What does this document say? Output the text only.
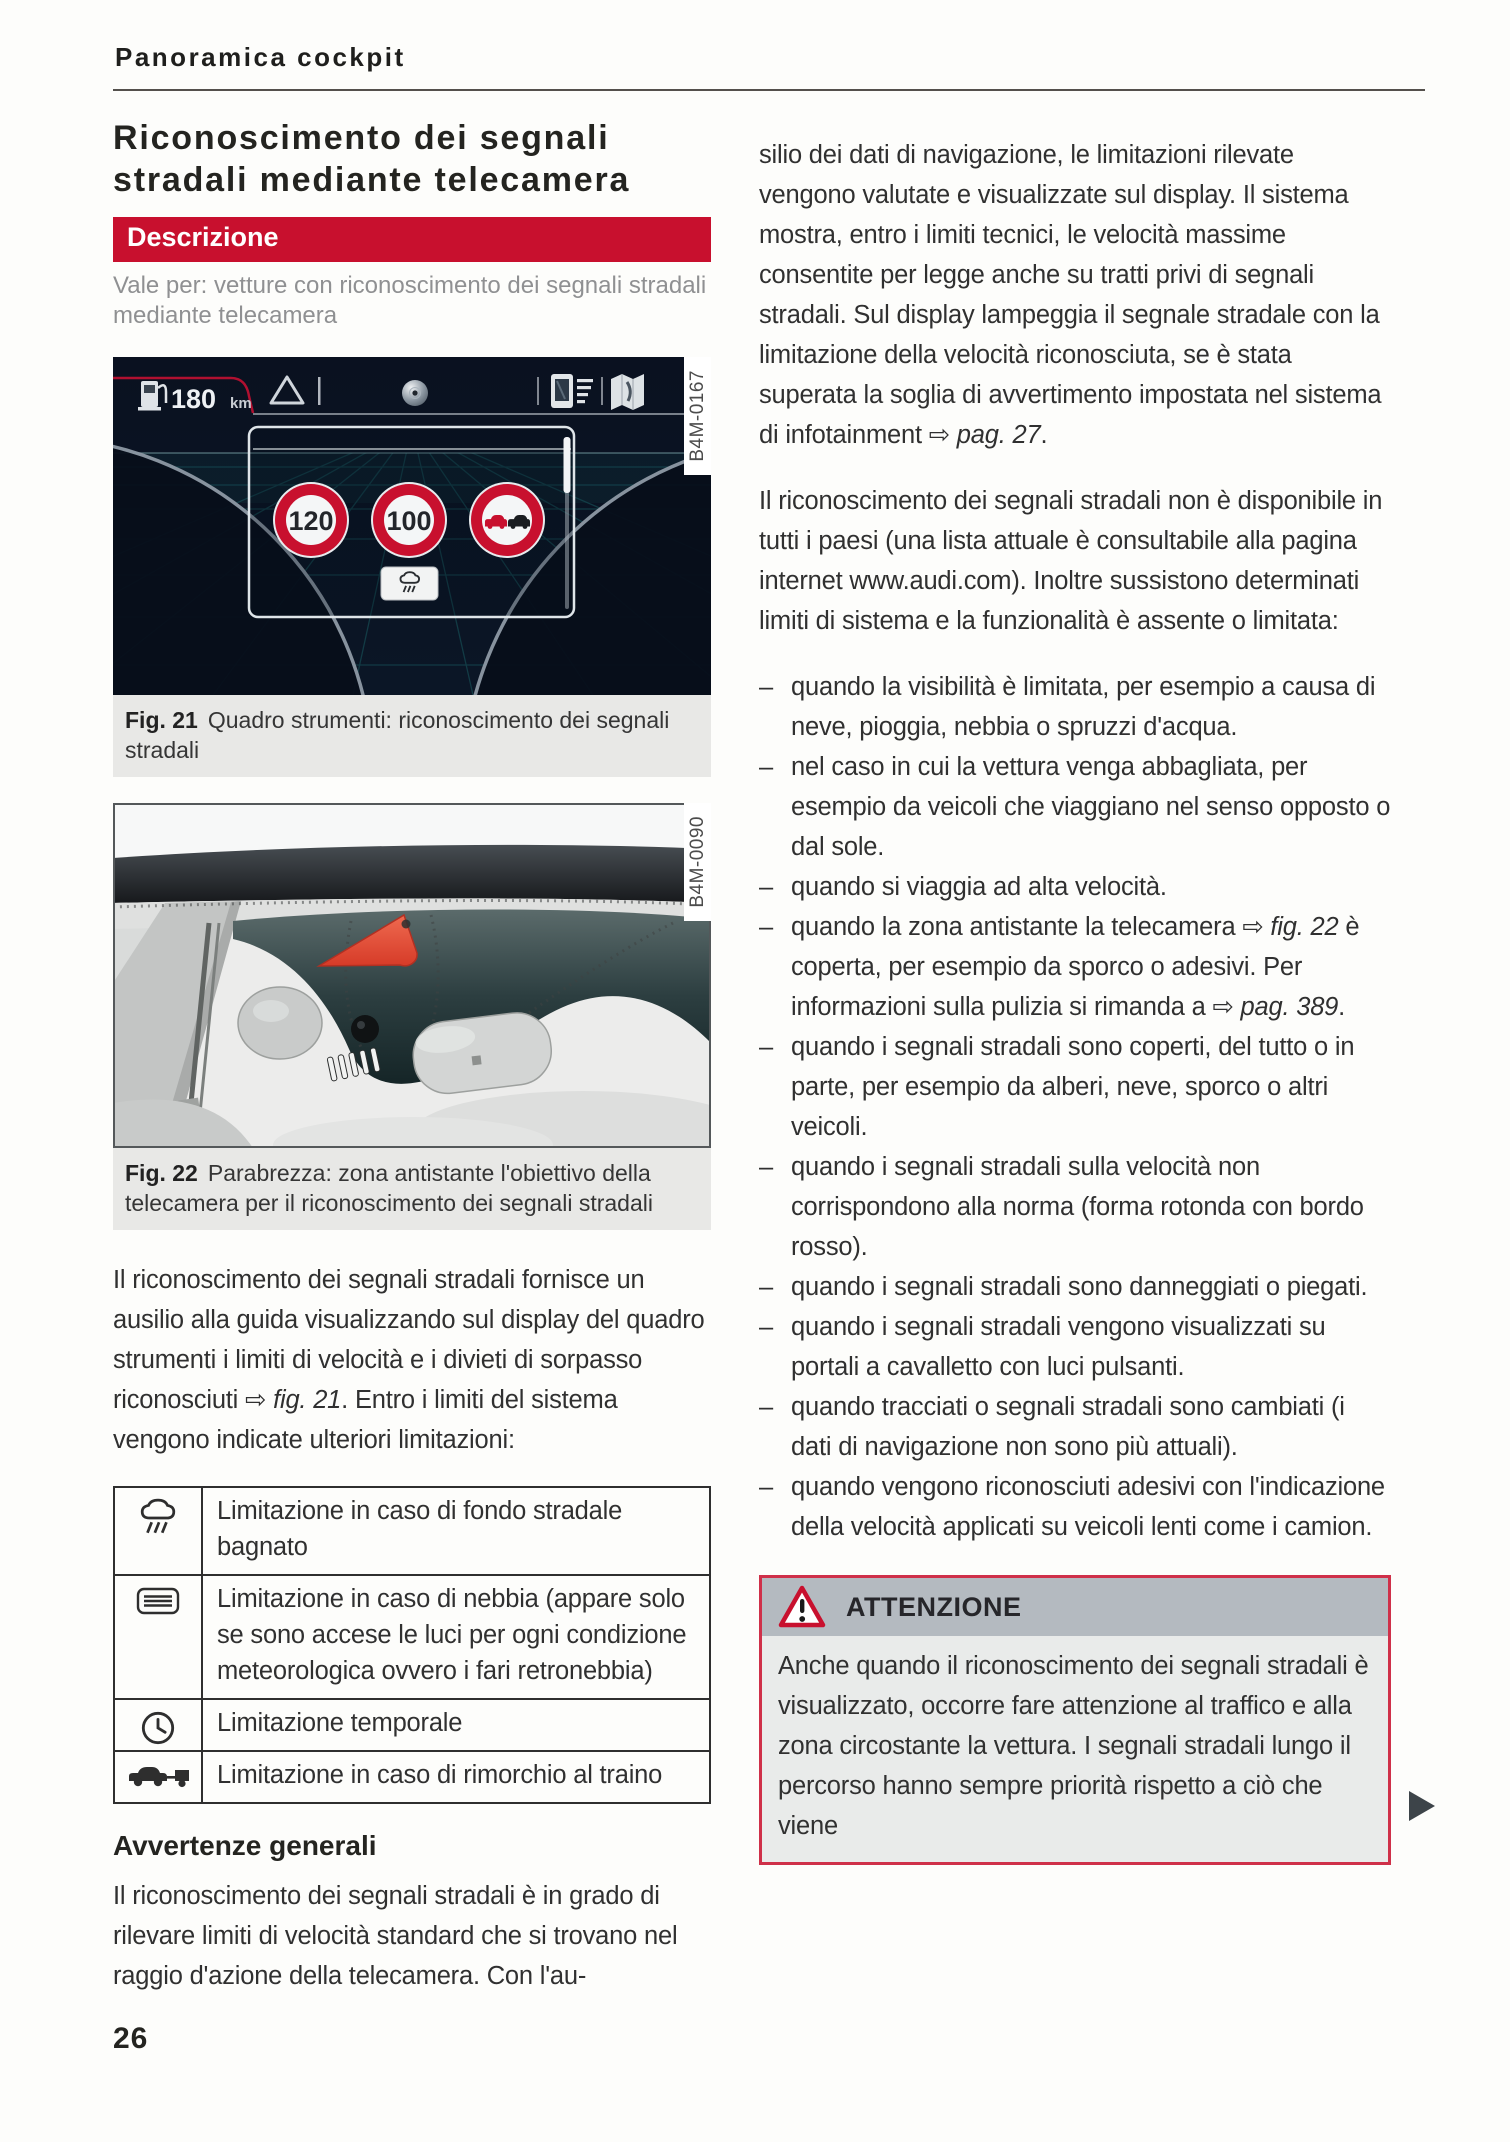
Panoramica cockpit
Riconoscimento dei segnali stradali mediante telecamera
Descrizione
Vale per: vetture con riconoscimento dei segnali stradali mediante telecamera
120 100
180 km	B4M-0167
Fig. 21 Quadro strumenti: riconoscimento dei segnali stradali
B4M-0090
Fig. 22 Parabrezza: zona antistante l'obiettivo della telecamera per il riconoscimento dei segnali stradali

Il riconoscimento dei segnali stradali fornisce un ausilio alla guida visualizzando sul display del quadro strumenti i limiti di velocità e i divieti di sorpasso riconosciuti ⇨ fig. 21. Entro i limiti del sistema vengono indicate ulteriori limitazioni:

Limitazione in caso di fondo stradale bagnato
Limitazione in caso di nebbia (appare solo se sono accese le luci per ogni condizione meteorologica ovvero i fari retronebbia)
Limitazione temporale
Limitazione in caso di rimorchio al traino
Avvertenze generali

Il riconoscimento dei segnali stradali è in grado di rilevare limiti di velocità standard che si trovano nel raggio d'azione della telecamera. Con l'au-

26

silio dei dati di navigazione, le limitazioni rilevate vengono valutate e visualizzate sul display. Il sistema mostra, entro i limiti tecnici, le velocità massime consentite per legge anche su tratti privi di segnali stradali. Sul display lampeggia il segnale stradale con la limitazione della velocità riconosciuta, se è stata superata la soglia di avvertimento impostata nel sistema di infotainment ⇨ pag. 27.

Il riconoscimento dei segnali stradali non è disponibile in tutti i paesi (una lista attuale è consultabile alla pagina internet www.audi.com). Inoltre sussistono determinati limiti di sistema e la funzionalità è assente o limitata:

– quando la visibilità è limitata, per esempio a causa di neve, pioggia, nebbia o spruzzi d'acqua.
– nel caso in cui la vettura venga abbagliata, per esempio da veicoli che viaggiano nel senso opposto o dal sole.
– quando si viaggia ad alta velocità.
– quando la zona antistante la telecamera ⇨ fig. 22 è coperta, per esempio da sporco o adesivi. Per informazioni sulla pulizia si rimanda a ⇨ pag. 389.
– quando i segnali stradali sono coperti, del tutto o in parte, per esempio da alberi, neve, sporco o altri veicoli.
– quando i segnali stradali sulla velocità non corrispondono alla norma (forma rotonda con bordo rosso).
– quando i segnali stradali sono danneggiati o piegati.
– quando i segnali stradali vengono visualizzati su portali a cavalletto con luci pulsanti.
– quando tracciati o segnali stradali sono cambiati (i dati di navigazione non sono più attuali).
– quando vengono riconosciuti adesivi con l'indicazione della velocità applicati su veicoli lenti come i camion.
ATTENZIONE
Anche quando il riconoscimento dei segnali stradali è visualizzato, occorre fare attenzione al traffico e alla zona circostante la vettura. I segnali stradali lungo il percorso hanno sempre priorità rispetto a ciò che viene
